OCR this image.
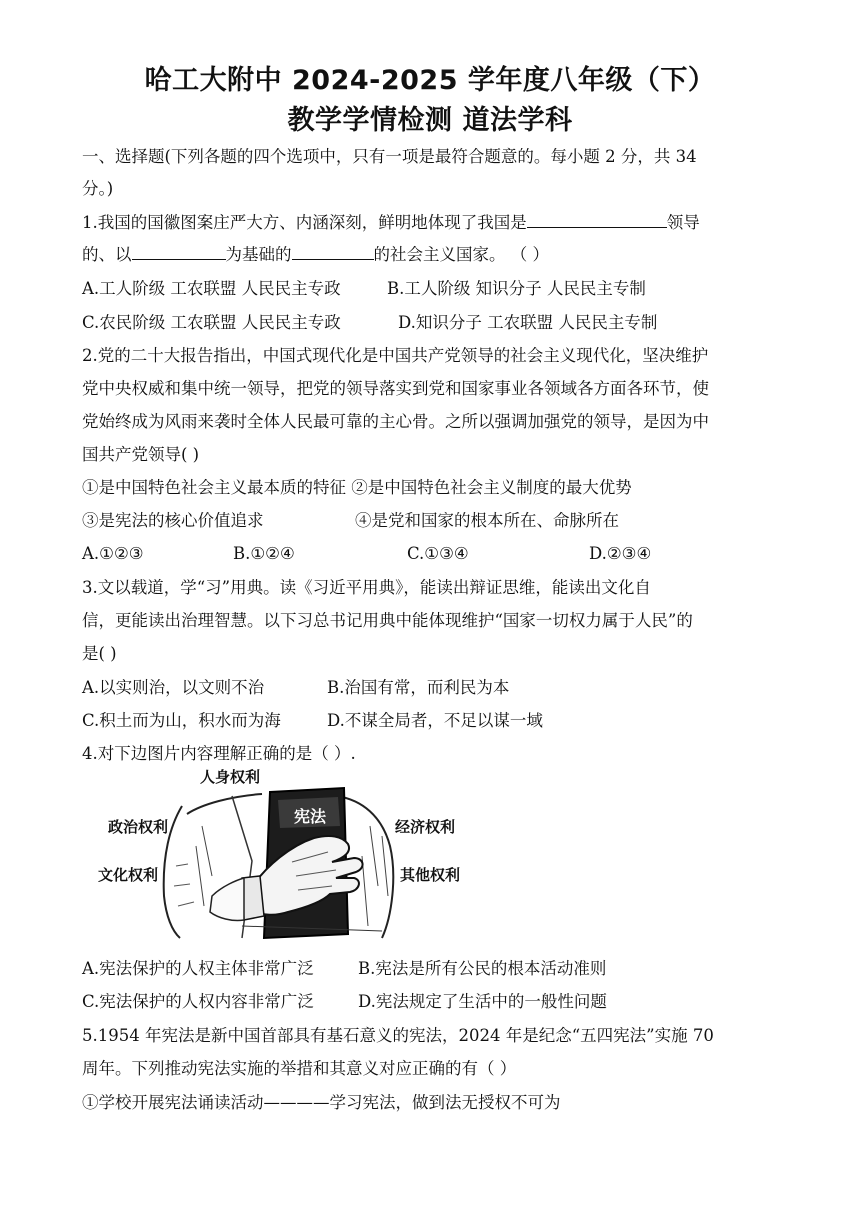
哈工大附中 2024-2025 学年度八年级（下）
教学学情检测 道法学科
一、选择题(下列各题的四个选项中，只有一项是最符合题意的。每小题 2 分，共 34
分。)
1.我国的国徽图案庄严大方、内涵深刻，鲜明地体现了我国是	领导
的、以	为基础的	的社会主义国家。 （ ）
A.工人阶级 工农联盟 人民民主专政	B.工人阶级 知识分子 人民民主专制
C.农民阶级 工农联盟 人民民主专政	D.知识分子 工农联盟 人民民主专制
2.党的二十大报告指出，中国式现代化是中国共产党领导的社会主义现代化，坚决维护
党中央权威和集中统一领导，把党的领导落实到党和国家事业各领域各方面各环节，使
党始终成为风雨来袭时全体人民最可靠的主心骨。之所以强调加强党的领导，是因为中
国共产党领导( )
①是中国特色社会主义最本质的特征 ②是中国特色社会主义制度的最大优势
③是宪法的核心价值追求	④是党和国家的根本所在、命脉所在
A.①②③	B.①②④	C.①③④	D.②③④
3.文以载道，学“习”用典。读《习近平用典》，能读出辩证思维，能读出文化自
信，更能读出治理智慧。以下习总书记用典中能体现维护“国家一切权力属于人民”的
是( )
A.以实则治，以文则不治	B.治国有常，而利民为本
C.积土而为山，积水而为海	D.不谋全局者，不足以谋一域
4.对下边图片内容理解正确的是（ ）.
宪法
人身权利
政治权利	经济权利
文化权利	其他权利
A.宪法保护的人权主体非常广泛	B.宪法是所有公民的根本活动准则
C.宪法保护的人权内容非常广泛	D.宪法规定了生活中的一般性问题
5.1954 年宪法是新中国首部具有基石意义的宪法，2024 年是纪念“五四宪法”实施 70
周年。下列推动宪法实施的举措和其意义对应正确的有（ ）
①学校开展宪法诵读活动————学习宪法，做到法无授权不可为
